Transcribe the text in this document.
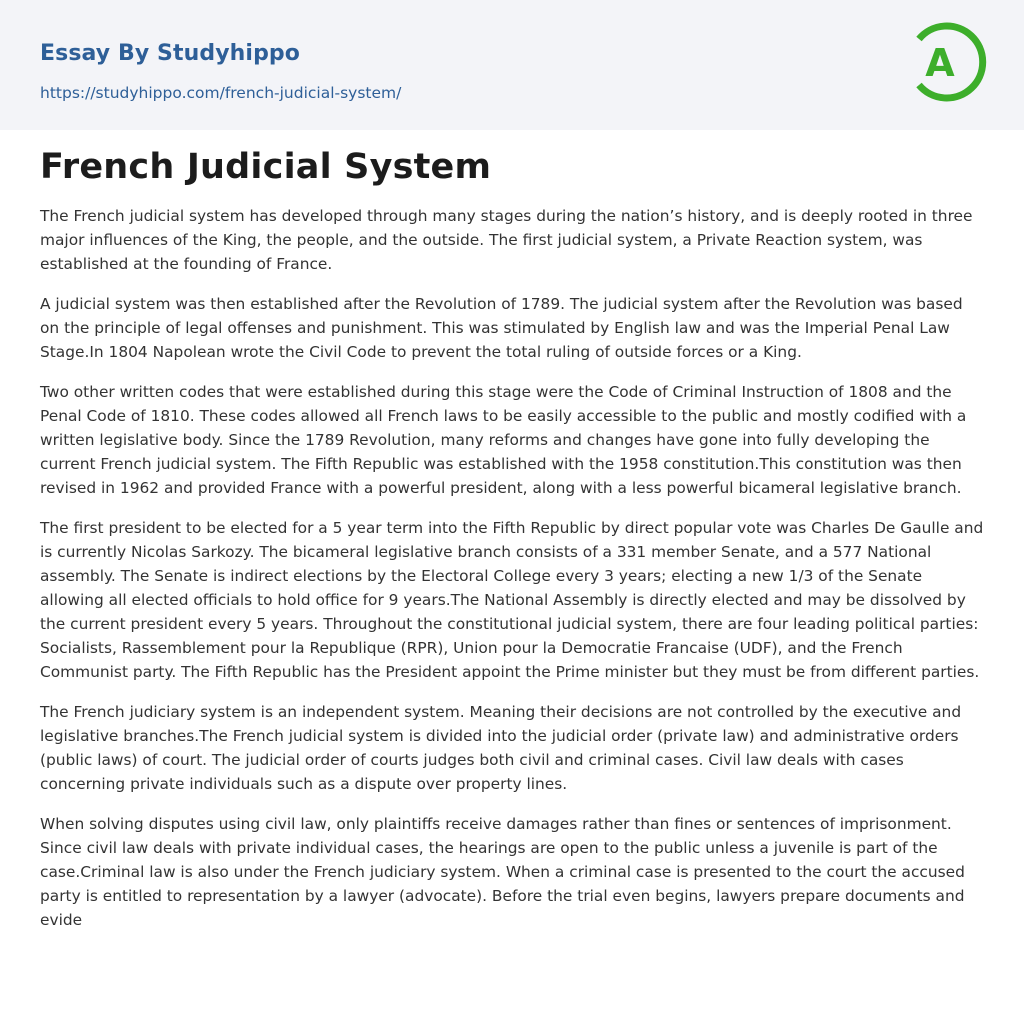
Essay By Studyhippo
https://studyhippo.com/french-judicial-system/
A
French Judicial System

The French judicial system has developed through many stages during the nation’s history, and is deeply rooted in three major influences of the King, the people, and the outside. The first judicial system, a Private Reaction system, was established at the founding of France.

A judicial system was then established after the Revolution of 1789. The judicial system after the Revolution was based on the principle of legal offenses and punishment. This was stimulated by English law and was the Imperial Penal Law Stage.In 1804 Napolean wrote the Civil Code to prevent the total ruling of outside forces or a King.

Two other written codes that were established during this stage were the Code of Criminal Instruction of 1808 and the Penal Code of 1810. These codes allowed all French laws to be easily accessible to the public and mostly codified with a written legislative body. Since the 1789 Revolution, many reforms and changes have gone into fully developing the current French judicial system. The Fifth Republic was established with the 1958 constitution.This constitution was then revised in 1962 and provided France with a powerful president, along with a less powerful bicameral legislative branch.

The first president to be elected for a 5 year term into the Fifth Republic by direct popular vote was Charles De Gaulle and is currently Nicolas Sarkozy. The bicameral legislative branch consists of a 331 member Senate, and a 577 National assembly. The Senate is indirect elections by the Electoral College every 3 years; electing a new 1/3 of the Senate allowing all elected officials to hold office for 9 years.The National Assembly is directly elected and may be dissolved by the current president every 5 years. Throughout the constitutional judicial system, there are four leading political parties: Socialists, Rassemblement pour la Republique (RPR), Union pour la Democratie Francaise (UDF), and the French Communist party. The Fifth Republic has the President appoint the Prime minister but they must be from different parties.

The French judiciary system is an independent system. Meaning their decisions are not controlled by the executive and legislative branches.The French judicial system is divided into the judicial order (private law) and administrative orders (public laws) of court. The judicial order of courts judges both civil and criminal cases. Civil law deals with cases concerning private individuals such as a dispute over property lines.

When solving disputes using civil law, only plaintiffs receive damages rather than fines or sentences of imprisonment. Since civil law deals with private individual cases, the hearings are open to the public unless a juvenile is part of the case.Criminal law is also under the French judiciary system. When a criminal case is presented to the court the accused party is entitled to representation by a lawyer (advocate). Before the trial even begins, lawyers prepare documents and evide
